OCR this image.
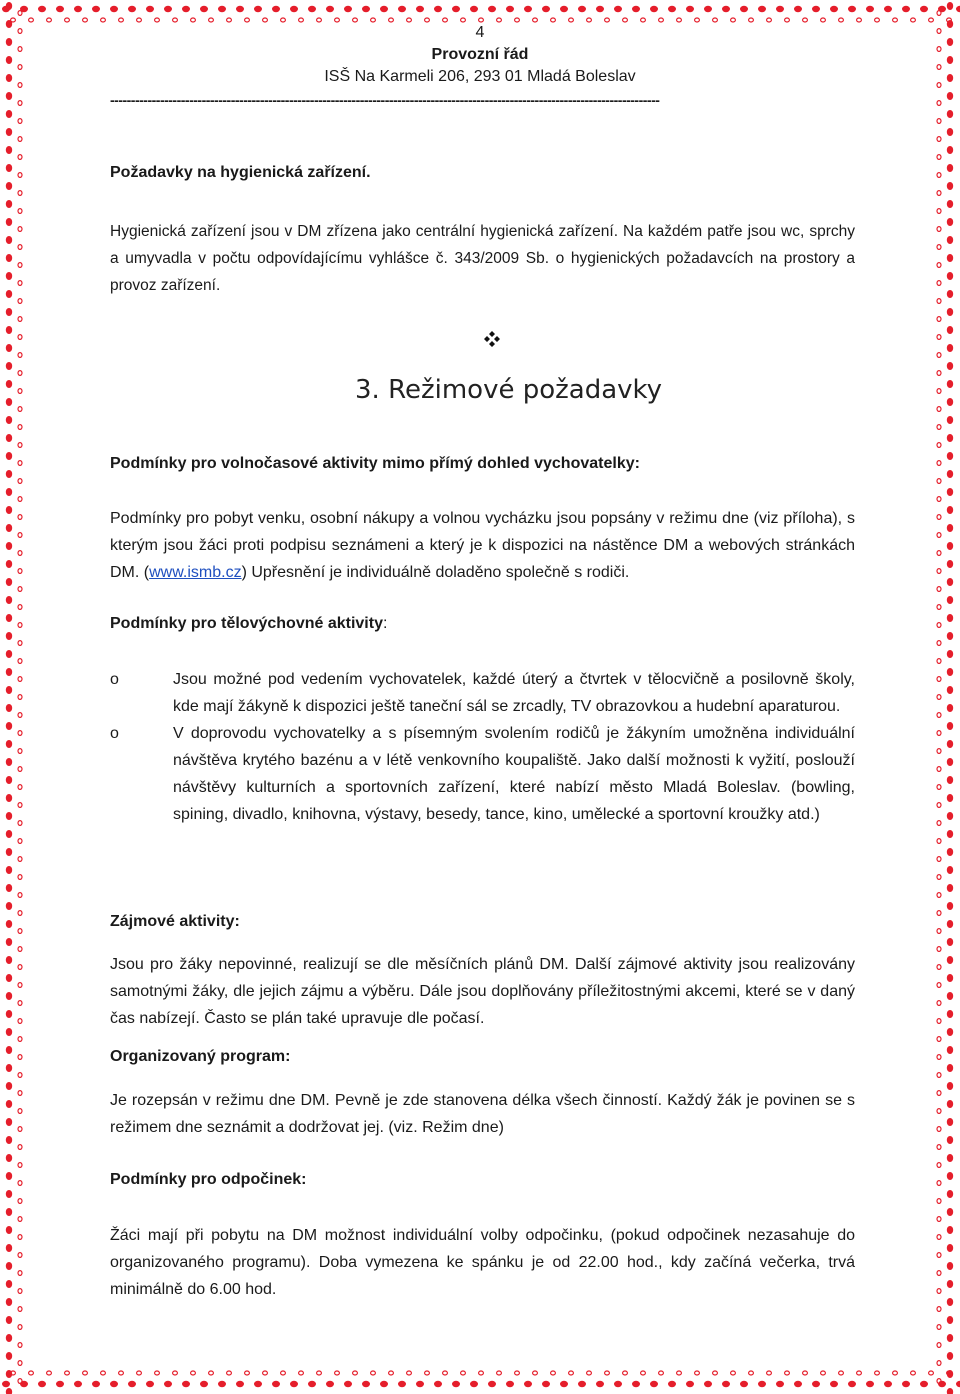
4
Provozní řád
ISŠ Na Karmeli 206, 293 01 Mladá Boleslav
------------------------------------------------------------------------------------------------------------------------------------
Požadavky na hygienická zařízení.
Hygienická zařízení jsou v DM zřízena jako centrální hygienická zařízení. Na každém patře jsou wc, sprchy a umyvadla v počtu odpovídajícímu vyhlášce č. 343/2009 Sb. o hygienických požadavcích na prostory a provoz zařízení.
3. Režimové požadavky
Podmínky pro volnočasové aktivity mimo přímý dohled vychovatelky:
Podmínky pro pobyt venku, osobní nákupy a volnou vycházku jsou popsány v režimu dne (viz příloha), s kterým jsou žáci proti podpisu seznámeni a který je k dispozici na nástěnce DM a webových stránkách DM. (www.ismb.cz) Upřesnění je individuálně doladěno společně s rodiči.
Podmínky pro tělovýchovné aktivity:
o	Jsou možné pod vedením vychovatelek, každé úterý a čtvrtek v tělocvičně a posilovně školy, kde mají žákyně k dispozici ještě taneční sál se zrcadly, TV obrazovkou a hudební aparaturou.
o	V doprovodu vychovatelky a s písemným svolením rodičů je žákyním umožněna individuální návštěva krytého bazénu a v létě venkovního koupaliště. Jako další možnosti k vyžití, poslouží návštěvy kulturních a sportovních zařízení, které nabízí město Mladá Boleslav. (bowling, spining, divadlo, knihovna, výstavy, besedy, tance, kino, umělecké a sportovní kroužky atd.)
Zájmové aktivity:
Jsou pro žáky nepovinné, realizují se dle měsíčních plánů DM. Další zájmové aktivity jsou realizovány samotnými žáky, dle jejich zájmu a výběru. Dále jsou doplňovány příležitostnými akcemi, které se v daný čas nabízejí. Často se plán také upravuje dle počasí.
Organizovaný program:
Je rozepsán v režimu dne DM. Pevně je zde stanovena délka všech činností. Každý žák je povinen se s režimem dne seznámit a dodržovat jej. (viz. Režim dne)
Podmínky pro odpočinek:
Žáci mají při pobytu na DM možnost individuální volby odpočinku, (pokud odpočinek nezasahuje do organizovaného programu). Doba vymezena ke spánku je od 22.00 hod., kdy začíná večerka, trvá minimálně do 6.00 hod.
